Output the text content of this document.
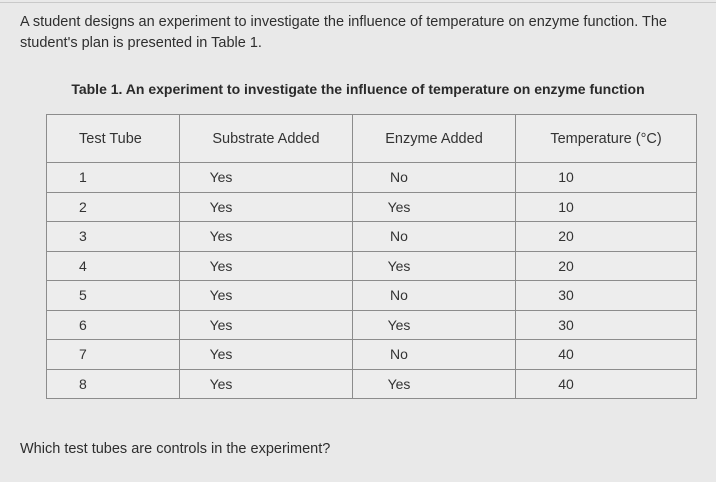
A student designs an experiment to investigate the influence of temperature on enzyme function. The student's plan is presented in Table 1.
Table 1. An experiment to investigate the influence of temperature on enzyme function
Test Tube	Substrate Added	Enzyme Added	Temperature (°C)
1	Yes	No	10
2	Yes	Yes	10
3	Yes	No	20
4	Yes	Yes	20
5	Yes	No	30
6	Yes	Yes	30
7	Yes	No	40
8	Yes	Yes	40
Which test tubes are controls in the experiment?
